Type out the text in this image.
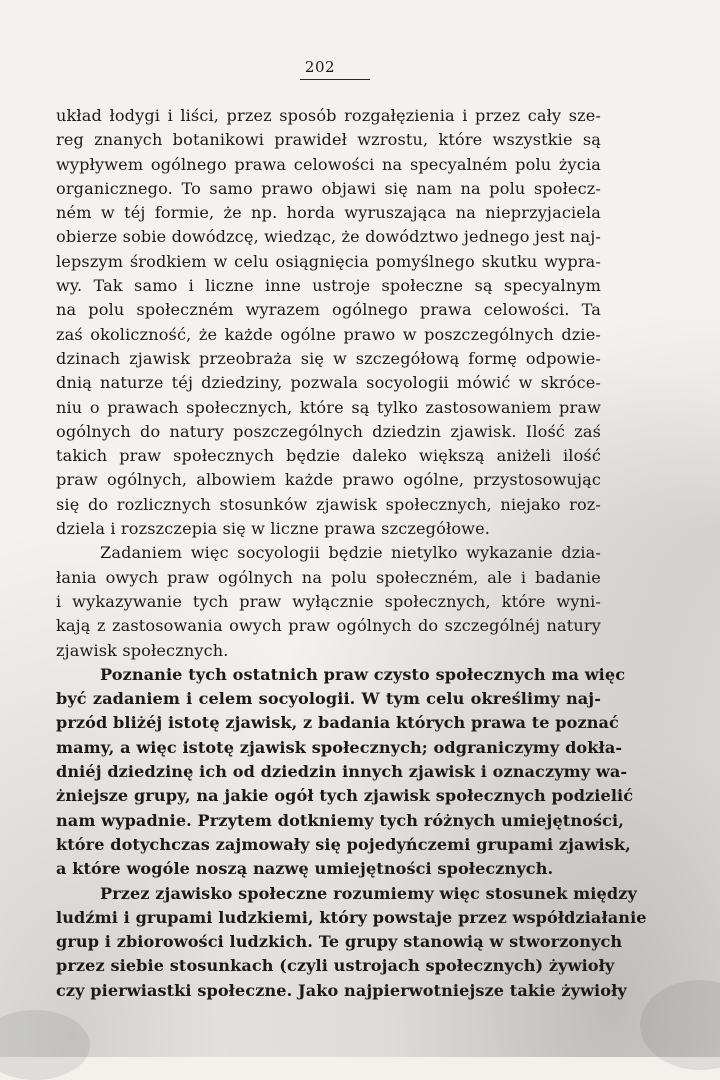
202
układ łodygi i liści, przez sposób rozgałęzienia i przez cały sze-
reg znanych botanikowi prawideł wzrostu, które wszystkie są
wypływem ogólnego prawa celowości na specyalném polu życia
organicznego. To samo prawo objawi się nam na polu społecz-
ném w téj formie, że np. horda wyruszająca na nieprzyjaciela
obierze sobie dowódzcę, wiedząc, że dowództwo jednego jest naj-
lepszym środkiem w celu osiągnięcia pomyślnego skutku wypra-
wy. Tak samo i liczne inne ustroje społeczne są specyalnym
na polu społeczném wyrazem ogólnego prawa celowości. Ta
zaś okoliczność, że każde ogólne prawo w poszczególnych dzie-
dzinach zjawisk przeobraża się w szczegółową formę odpowie-
dnią naturze téj dziedziny, pozwala socyologii mówić w skróce-
niu o prawach społecznych, które są tylko zastosowaniem praw
ogólnych do natury poszczególnych dziedzin zjawisk. Ilość zaś
takich praw społecznych będzie daleko większą aniżeli ilość
praw ogólnych, albowiem każde prawo ogólne, przystosowując
się do rozlicznych stosunków zjawisk społecznych, niejako roz-
dziela i rozszczepia się w liczne prawa szczegółowe.
Zadaniem więc socyologii będzie nietylko wykazanie dzia-
łania owych praw ogólnych na polu społeczném, ale i badanie
i wykazywanie tych praw wyłącznie społecznych, które wyni-
kają z zastosowania owych praw ogólnych do szczególnéj natury
zjawisk społecznych.
Poznanie tych ostatnich praw czysto społecznych ma więc
być zadaniem i celem socyologii. W tym celu określimy naj-
przód bliżéj istotę zjawisk, z badania których prawa te poznać
mamy, a więc istotę zjawisk społecznych; odgraniczymy dokła-
dniéj dziedzinę ich od dziedzin innych zjawisk i oznaczymy wa-
żniejsze grupy, na jakie ogół tych zjawisk społecznych podzielić
nam wypadnie. Przytem dotkniemy tych różnych umiejętności,
które dotychczas zajmowały się pojedyńczemi grupami zjawisk,
a które wogóle noszą nazwę umiejętności społecznych.
Przez zjawisko społeczne rozumiemy więc stosunek między
ludźmi i grupami ludzkiemi, który powstaje przez współdziałanie
grup i zbiorowości ludzkich. Te grupy stanowią w stworzonych
przez siebie stosunkach (czyli ustrojach społecznych) żywioły
czy pierwiastki społeczne. Jako najpierwotniejsze takie żywioły
